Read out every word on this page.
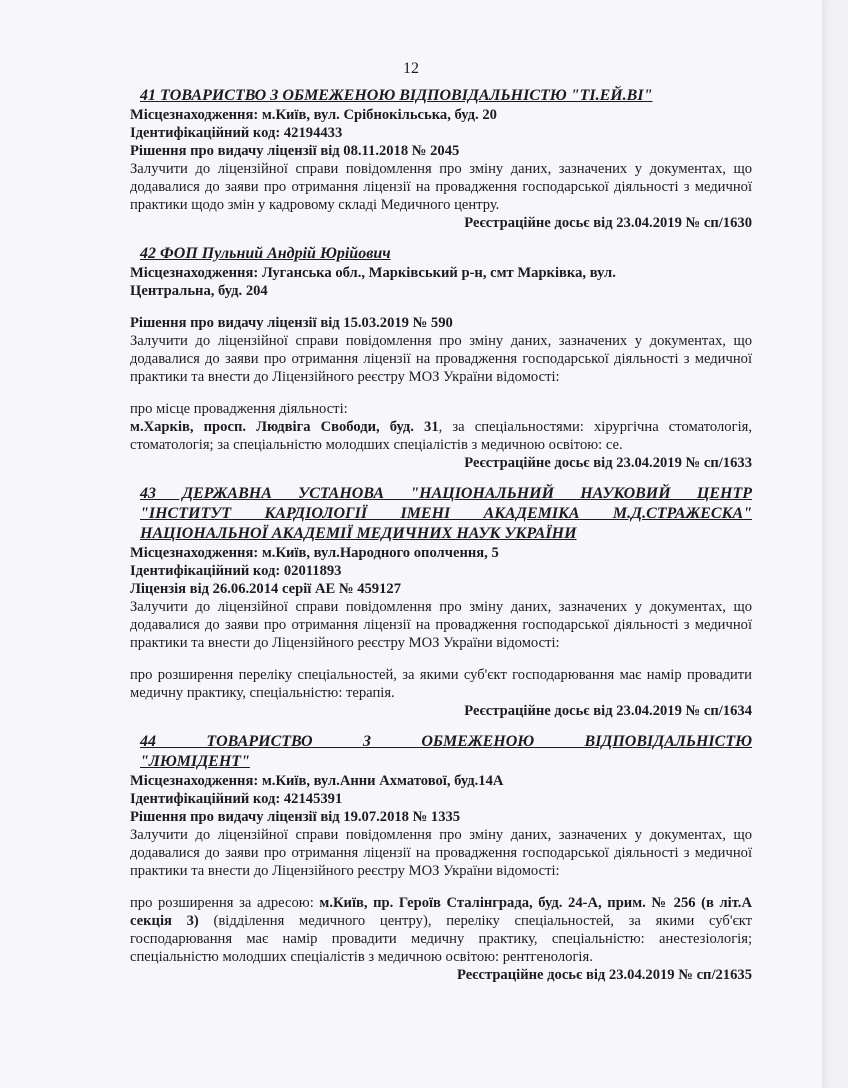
12
41 ТОВАРИСТВО З ОБМЕЖЕНОЮ ВІДПОВІДАЛЬНІСТЮ "ТІ.ЕЙ.ВІ"
Місцезнаходження: м.Київ, вул. Срібнокільська, буд. 20
Ідентифікаційний код: 42194433
Рішення про видачу ліцензії від 08.11.2018 № 2045

Залучити до ліцензійної справи повідомлення про зміну даних, зазначених у документах, що додавалися до заяви про отримання ліцензії на провадження господарської діяльності з медичної практики щодо змін у кадровому складі Медичного центру.

Реєстраційне досьє від 23.04.2019 № сп/1630
42 ФОП Пульний Андрій Юрійович
Місцезнаходження: Луганська обл., Марківський р-н, смт Марківка, вул.
Центральна, буд. 204
Рішення про видачу ліцензії від 15.03.2019 № 590

Залучити до ліцензійної справи повідомлення про зміну даних, зазначених у документах, що додавалися до заяви про отримання ліцензії на провадження господарської діяльності з медичної практики та внести до Ліцензійного реєстру МОЗ України відомості:

про місце провадження діяльності:

м.Харків, просп. Людвіга Свободи, буд. 31, за спеціальностями: хірургічна стоматологія, стоматологія; за спеціальністю молодших спеціалістів з медичною освітою: се.

Реєстраційне досьє від 23.04.2019 № сп/1633
43 ДЕРЖАВНА УСТАНОВА "НАЦІОНАЛЬНИЙ НАУКОВИЙ ЦЕНТР
"ІНСТИТУТ КАРДІОЛОГІЇ ІМЕНІ АКАДЕМІКА М.Д.СТРАЖЕСКА"
НАЦІОНАЛЬНОЇ АКАДЕМІЇ МЕДИЧНИХ НАУК УКРАЇНИ
Місцезнаходження: м.Київ, вул.Народного ополчення, 5
Ідентифікаційний код: 02011893
Ліцензія від 26.06.2014 серії АЕ № 459127

Залучити до ліцензійної справи повідомлення про зміну даних, зазначених у документах, що додавалися до заяви про отримання ліцензії на провадження господарської діяльності з медичної практики та внести до Ліцензійного реєстру МОЗ України відомості:

про розширення переліку спеціальностей, за якими суб'єкт господарювання має намір провадити медичну практику, спеціальністю: терапія.

Реєстраційне досьє від 23.04.2019 № сп/1634
44 ТОВАРИСТВО З ОБМЕЖЕНОЮ ВІДПОВІДАЛЬНІСТЮ
"ЛЮМІДЕНТ"
Місцезнаходження: м.Київ, вул.Анни Ахматової, буд.14А
Ідентифікаційний код: 42145391
Рішення про видачу ліцензії від 19.07.2018 № 1335

Залучити до ліцензійної справи повідомлення про зміну даних, зазначених у документах, що додавалися до заяви про отримання ліцензії на провадження господарської діяльності з медичної практики та внести до Ліцензійного реєстру МОЗ України відомості:

про розширення за адресою: м.Київ, пр. Героїв Сталінграда, буд. 24-А, прим. № 256 (в літ.А секція 3) (відділення медичного центру), переліку спеціальностей, за якими суб'єкт господарювання має намір провадити медичну практику, спеціальністю: анестезіологія; спеціальністю молодших спеціалістів з медичною освітою: рентгенологія.

Реєстраційне досьє від 23.04.2019 № сп/21635
